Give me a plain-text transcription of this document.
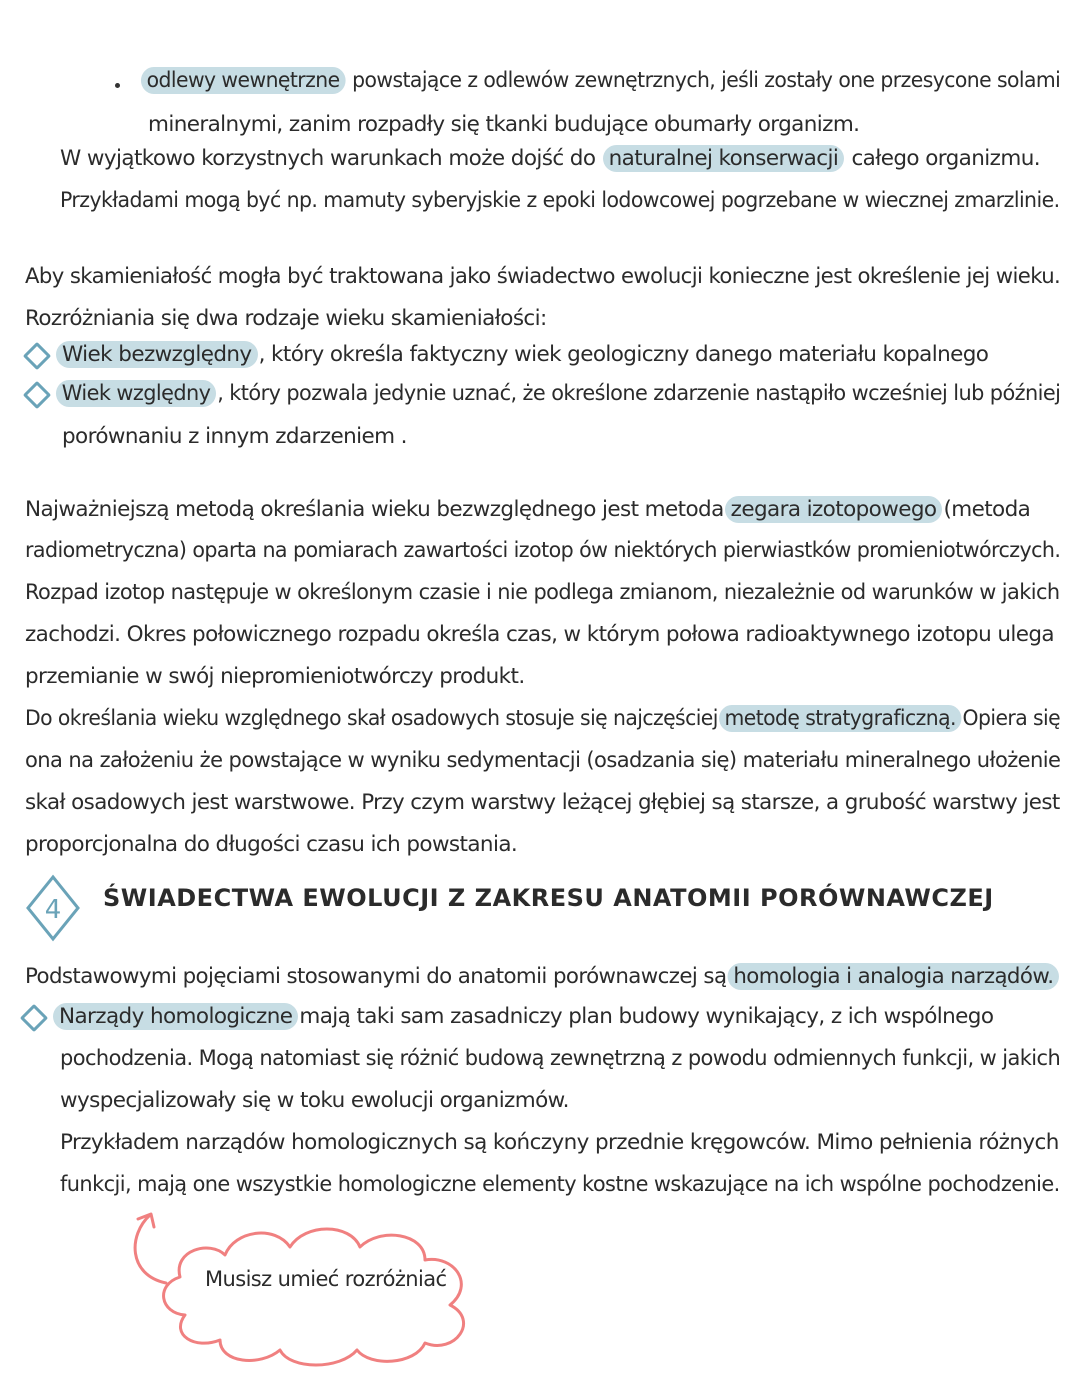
odlewy wewnętrzne powstające z odlewów zewnętrznych, jeśli zostały one przesycone solami
mineralnymi, zanim rozpadły się tkanki budujące obumarły organizm.
W wyjątkowo korzystnych warunkach może dojść do naturalnej konserwacji całego organizmu.
Przykładami mogą być np. mamuty syberyjskie z epoki lodowcowej pogrzebane w wiecznej zmarzlinie.
Aby skamieniałość mogła być traktowana jako świadectwo ewolucji konieczne jest określenie jej wieku.
Rozróżniania się dwa rodzaje wieku skamieniałości:
Wiek bezwzględny , który określa faktyczny wiek geologiczny danego materiału kopalnego
Wiek względny , który pozwala jedynie uznać, że określone zdarzenie nastąpiło wcześniej lub później
porównaniu z innym zdarzeniem .
Najważniejszą metodą określania wieku bezwzględnego jest metoda zegara izotopowego (metoda
radiometryczna) oparta na pomiarach zawartości izotop ów niektórych pierwiastków promieniotwórczych.
Rozpad izotop następuje w określonym czasie i nie podlega zmianom, niezależnie od warunków w jakich
zachodzi. Okres połowicznego rozpadu określa czas, w którym połowa radioaktywnego izotopu ulega
przemianie w swój niepromieniotwórczy produkt.
Do określania wieku względnego skał osadowych stosuje się najczęściej metodę stratygraficzną. Opiera się
ona na założeniu że powstające w wyniku sedymentacji (osadzania się) materiału mineralnego ułożenie
skał osadowych jest warstwowe. Przy czym warstwy leżącej głębiej są starsze, a grubość warstwy jest
proporcjonalna do długości czasu ich powstania.
4 ŚWIADECTWA EWOLUCJI Z ZAKRESU ANATOMII PORÓWNAWCZEJ
Podstawowymi pojęciami stosowanymi do anatomii porównawczej są homologia i analogia narządów.
Narządy homologiczne mają taki sam zasadniczy plan budowy wynikający, z ich wspólnego
pochodzenia. Mogą natomiast się różnić budową zewnętrzną z powodu odmiennych funkcji, w jakich
wyspecjalizowały się w toku ewolucji organizmów.
Przykładem narządów homologicznych są kończyny przednie kręgowców. Mimo pełnienia różnych
funkcji, mają one wszystkie homologiczne elementy kostne wskazujące na ich wspólne pochodzenie.
Musisz umieć rozróżniać
